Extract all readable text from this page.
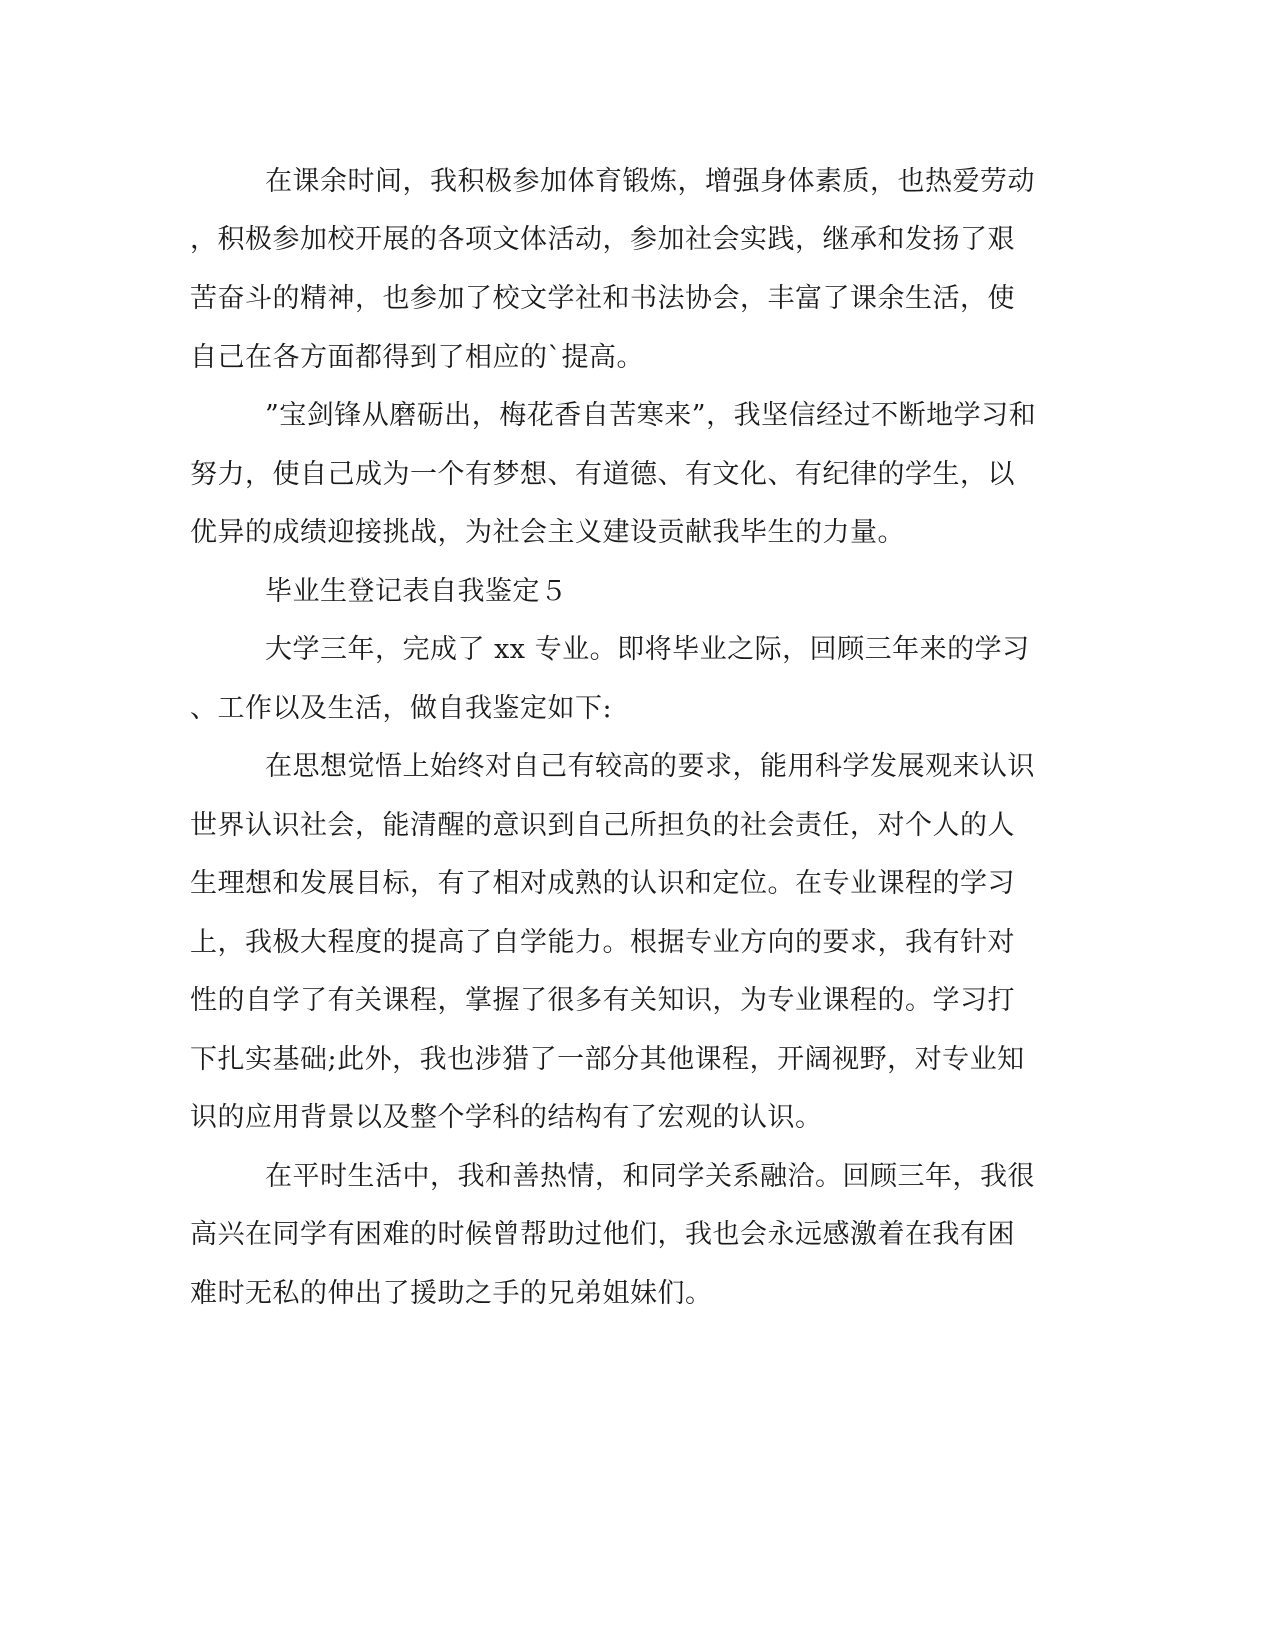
在课余时间，我积极参加体育锻炼，增强身体素质，也热爱劳动
，积极参加校开展的各项文体活动，参加社会实践，继承和发扬了艰
苦奋斗的精神，也参加了校文学社和书法协会，丰富了课余生活，使
自己在各方面都得到了相应的`提高。
”宝剑锋从磨砺出，梅花香自苦寒来”，我坚信经过不断地学习和
努力，使自己成为一个有梦想、有道德、有文化、有纪律的学生，以
优异的成绩迎接挑战，为社会主义建设贡献我毕生的力量。
毕业生登记表自我鉴定５
大学三年，完成了 xx 专业。即将毕业之际，回顾三年来的学习
、工作以及生活，做自我鉴定如下:
在思想觉悟上始终对自己有较高的要求，能用科学发展观来认识
世界认识社会，能清醒的意识到自己所担负的社会责任，对个人的人
生理想和发展目标，有了相对成熟的认识和定位。在专业课程的学习
上，我极大程度的提高了自学能力。根据专业方向的要求，我有针对
性的自学了有关课程，掌握了很多有关知识，为专业课程的。学习打
下扎实基础;此外，我也涉猎了一部分其他课程，开阔视野，对专业知
识的应用背景以及整个学科的结构有了宏观的认识。
在平时生活中，我和善热情，和同学关系融洽。回顾三年，我很
高兴在同学有困难的时候曾帮助过他们，我也会永远感激着在我有困
难时无私的伸出了援助之手的兄弟姐妹们。
